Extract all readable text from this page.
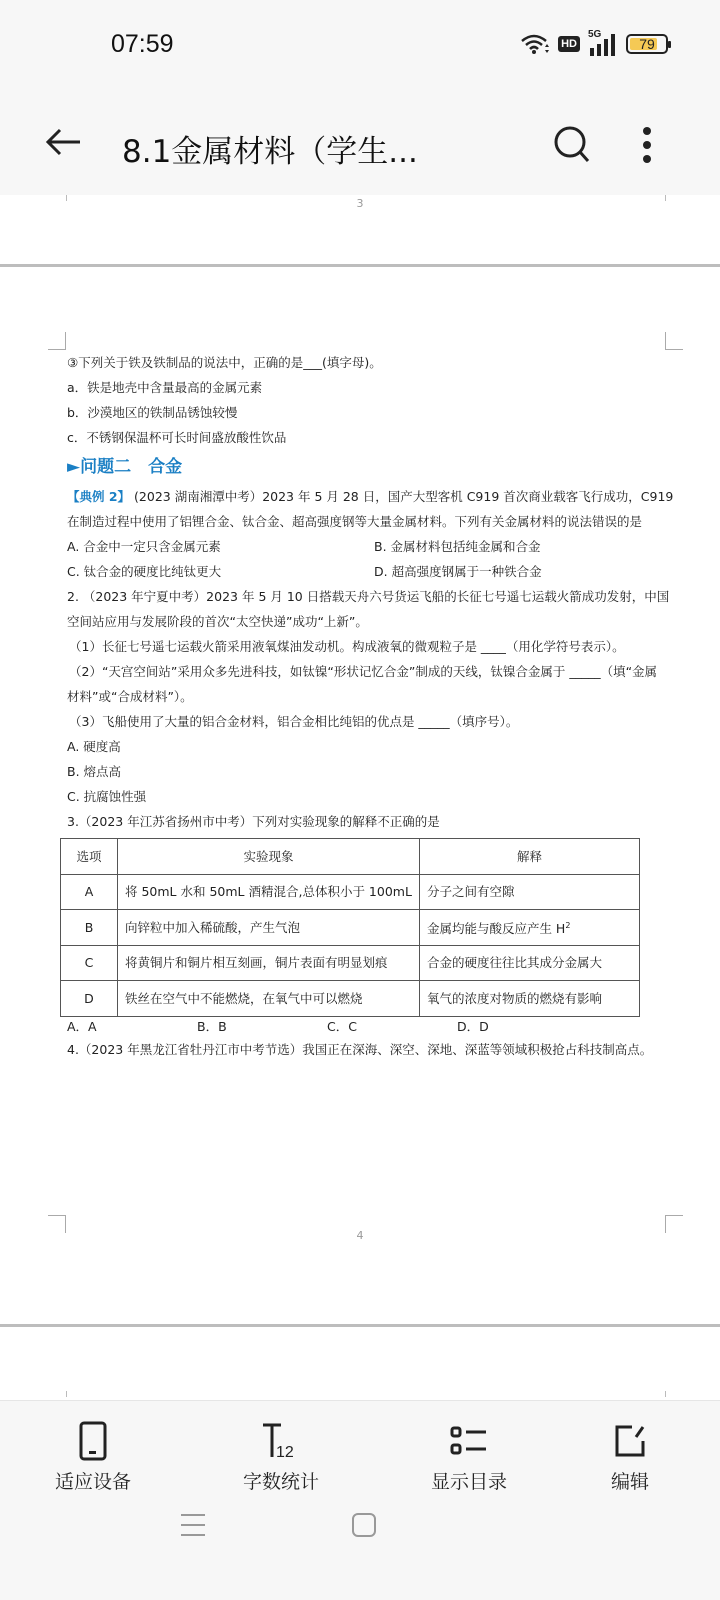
07:59	HD
5G
79
8.1金属材料（学生...
3
③下列关于铁及铁制品的说法中，正确的是___(填字母)。
a．铁是地壳中含量最高的金属元素
b．沙漠地区的铁制品锈蚀较慢
c．不锈钢保温杯可长时间盛放酸性饮品
►问题二　合金
【典例 2】 (2023 湖南湘潭中考）2023 年 5 月 28 日，国产大型客机 C919 首次商业载客飞行成功，C919
在制造过程中使用了铝锂合金、钛合金、超高强度钢等大量金属材料。下列有关金属材料的说法错误的是
A. 合金中一定只含金属元素	B. 金属材料包括纯金属和合金
C. 钛合金的硬度比纯钛更大	D. 超高强度钢属于一种铁合金
2. （2023 年宁夏中考）2023 年 5 月 10 日搭载天舟六号货运飞船的长征七号遥七运载火箭成功发射，中国
空间站应用与发展阶段的首次“太空快递”成功“上新”。
（1）长征七号遥七运载火箭采用液氧煤油发动机。构成液氧的微观粒子是 ____（用化学符号表示）。
（2）“天宫空间站”采用众多先进科技，如钛镍“形状记忆合金”制成的天线，钛镍合金属于 _____（填“金属
材料”或“合成材料”）。
（3）飞船使用了大量的铝合金材料，铝合金相比纯铝的优点是 _____（填序号）。
A. 硬度高
B. 熔点高
C. 抗腐蚀性强
3.（2023 年江苏省扬州市中考）下列对实验现象的解释不正确的是
选项	实验现象	解释
A	将 50mL 水和 50mL 酒精混合,总体积小于 100mL	分子之间有空隙
B	向锌粒中加入稀硫酸，产生气泡	金属均能与酸反应产生 $H^2$
C	将黄铜片和铜片相互刻画，铜片表面有明显划痕	合金的硬度往往比其成分金属大
D	铁丝在空气中不能燃烧，在氧气中可以燃烧	氧气的浓度对物质的燃烧有影响
A．A	B．B	C．C	D．D
4.（2023 年黑龙江省牡丹江市中考节选）我国正在深海、深空、深地、深蓝等领域积极抢占科技制高点。
4
适应设备
12
字数统计	显示目录	编辑
